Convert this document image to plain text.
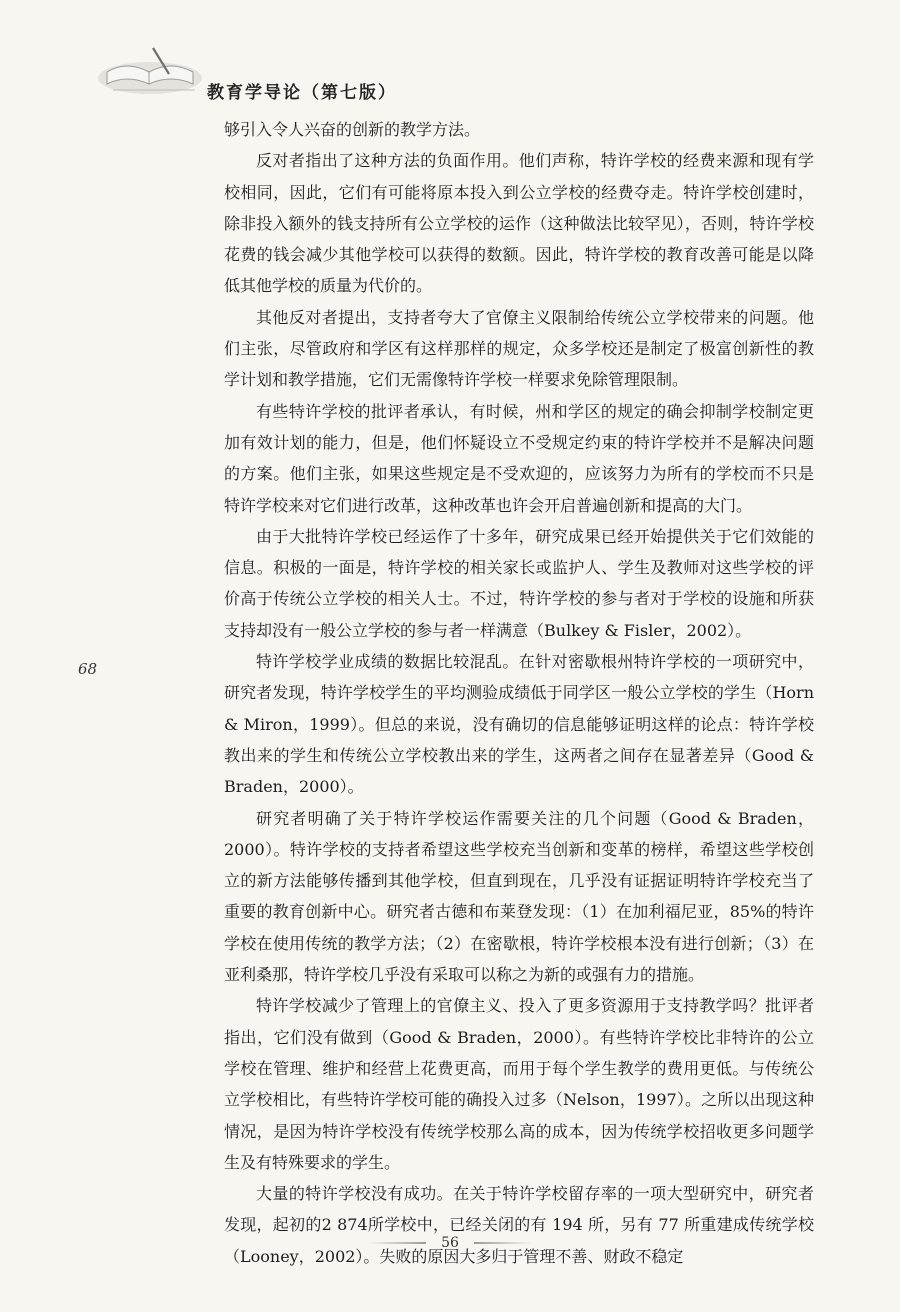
教育学导论（第七版）
68

够引入令人兴奋的创新的教学方法。

反对者指出了这种方法的负面作用。他们声称，特许学校的经费来源和现有学校相同，因此，它们有可能将原本投入到公立学校的经费夺走。特许学校创建时，除非投入额外的钱支持所有公立学校的运作（这种做法比较罕见），否则，特许学校花费的钱会减少其他学校可以获得的数额。因此，特许学校的教育改善可能是以降低其他学校的质量为代价的。

其他反对者提出，支持者夸大了官僚主义限制给传统公立学校带来的问题。他们主张，尽管政府和学区有这样那样的规定，众多学校还是制定了极富创新性的教学计划和教学措施，它们无需像特许学校一样要求免除管理限制。

有些特许学校的批评者承认，有时候，州和学区的规定的确会抑制学校制定更加有效计划的能力，但是，他们怀疑设立不受规定约束的特许学校并不是解决问题的方案。他们主张，如果这些规定是不受欢迎的，应该努力为所有的学校而不只是特许学校来对它们进行改革，这种改革也许会开启普遍创新和提高的大门。

由于大批特许学校已经运作了十多年，研究成果已经开始提供关于它们效能的信息。积极的一面是，特许学校的相关家长或监护人、学生及教师对这些学校的评价高于传统公立学校的相关人士。不过，特许学校的参与者对于学校的设施和所获支持却没有一般公立学校的参与者一样满意（Bulkey & Fisler，2002）。

特许学校学业成绩的数据比较混乱。在针对密歇根州特许学校的一项研究中，研究者发现，特许学校学生的平均测验成绩低于同学区一般公立学校的学生（Horn & Miron，1999）。但总的来说，没有确切的信息能够证明这样的论点：特许学校教出来的学生和传统公立学校教出来的学生，这两者之间存在显著差异（Good & Braden，2000）。

研究者明确了关于特许学校运作需要关注的几个问题（Good & Braden，2000）。特许学校的支持者希望这些学校充当创新和变革的榜样，希望这些学校创立的新方法能够传播到其他学校，但直到现在，几乎没有证据证明特许学校充当了重要的教育创新中心。研究者古德和布莱登发现：（1）在加利福尼亚，85%的特许学校在使用传统的教学方法；（2）在密歇根，特许学校根本没有进行创新；（3）在亚利桑那，特许学校几乎没有采取可以称之为新的或强有力的措施。

特许学校减少了管理上的官僚主义、投入了更多资源用于支持教学吗？批评者指出，它们没有做到（Good & Braden，2000）。有些特许学校比非特许的公立学校在管理、维护和经营上花费更高，而用于每个学生教学的费用更低。与传统公立学校相比，有些特许学校可能的确投入过多（Nelson，1997）。之所以出现这种情况，是因为特许学校没有传统学校那么高的成本，因为传统学校招收更多问题学生及有特殊要求的学生。

大量的特许学校没有成功。在关于特许学校留存率的一项大型研究中，研究者发现，起初的2 874所学校中，已经关闭的有 194 所，另有 77 所重建成传统学校（Looney，2002）。失败的原因大多归于管理不善、财政不稳定

56
